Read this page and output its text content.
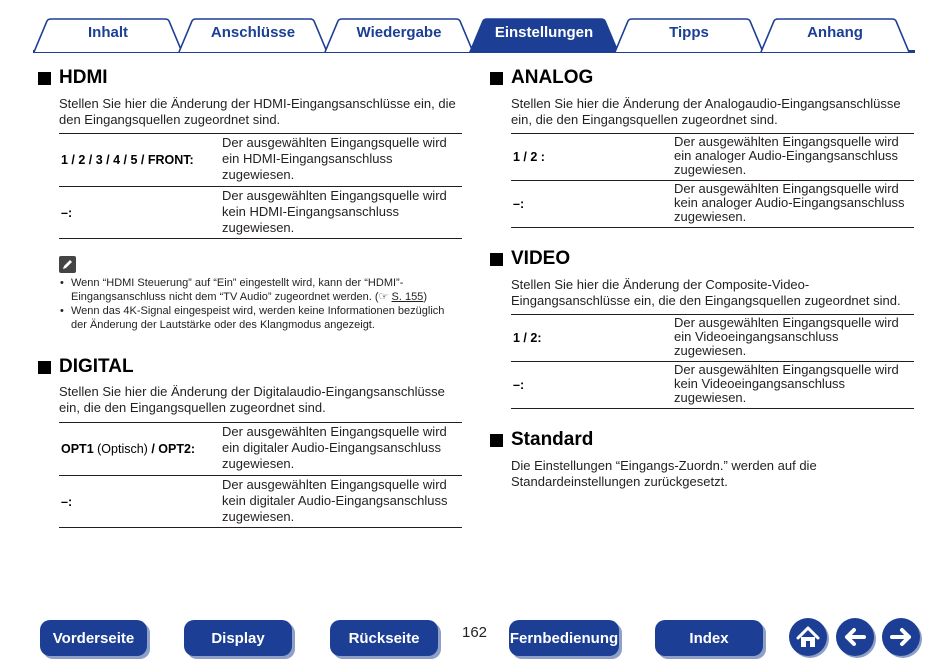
Inhalt	Anschlüsse	Wiedergabe	Einstellungen	Tipps	Anhang
HDMI
Stellen Sie hier die Änderung der HDMI-Eingangsanschlüsse ein, die den Eingangsquellen zugeordnet sind.
1 / 2 / 3 / 4 / 5 / FRONT:
Der ausgewählten Eingangsquelle wird ein HDMI-Eingangsanschluss zugewiesen.
–:
Der ausgewählten Eingangsquelle wird kein HDMI-Eingangsanschluss zugewiesen.
• Wenn “HDMI Steuerung” auf “Ein” eingestellt wird, kann der “HDMI”-Eingangsanschluss nicht dem “TV Audio” zugeordnet werden. (☞ S. 155)
• Wenn das 4K-Signal eingespeist wird, werden keine Informationen bezüglich der Änderung der Lautstärke oder des Klangmodus angezeigt.
DIGITAL
Stellen Sie hier die Änderung der Digitalaudio-Eingangsanschlüsse ein, die den Eingangsquellen zugeordnet sind.
OPT1 (Optisch) / OPT2:
Der ausgewählten Eingangsquelle wird ein digitaler Audio-Eingangsanschluss zugewiesen.
–:
Der ausgewählten Eingangsquelle wird kein digitaler Audio-Eingangsanschluss zugewiesen.
ANALOG
Stellen Sie hier die Änderung der Analogaudio-Eingangsanschlüsse ein, die den Eingangsquellen zugeordnet sind.
1 / 2 :
Der ausgewählten Eingangsquelle wird ein analoger Audio-Eingangsanschluss zugewiesen.
–:
Der ausgewählten Eingangsquelle wird kein analoger Audio-Eingangsanschluss zugewiesen.
VIDEO
Stellen Sie hier die Änderung der Composite-Video-Eingangsanschlüsse ein, die den Eingangsquellen zugeordnet sind.
1 / 2:
Der ausgewählten Eingangsquelle wird ein Videoeingangsanschluss zugewiesen.
–:
Der ausgewählten Eingangsquelle wird kein Videoeingangsanschluss zugewiesen.
Standard
Die Einstellungen “Eingangs-Zuordn.” werden auf die Standardeinstellungen zurückgesetzt.
Vorderseite	Display	Rückseite	162 Fernbedienung	Index
